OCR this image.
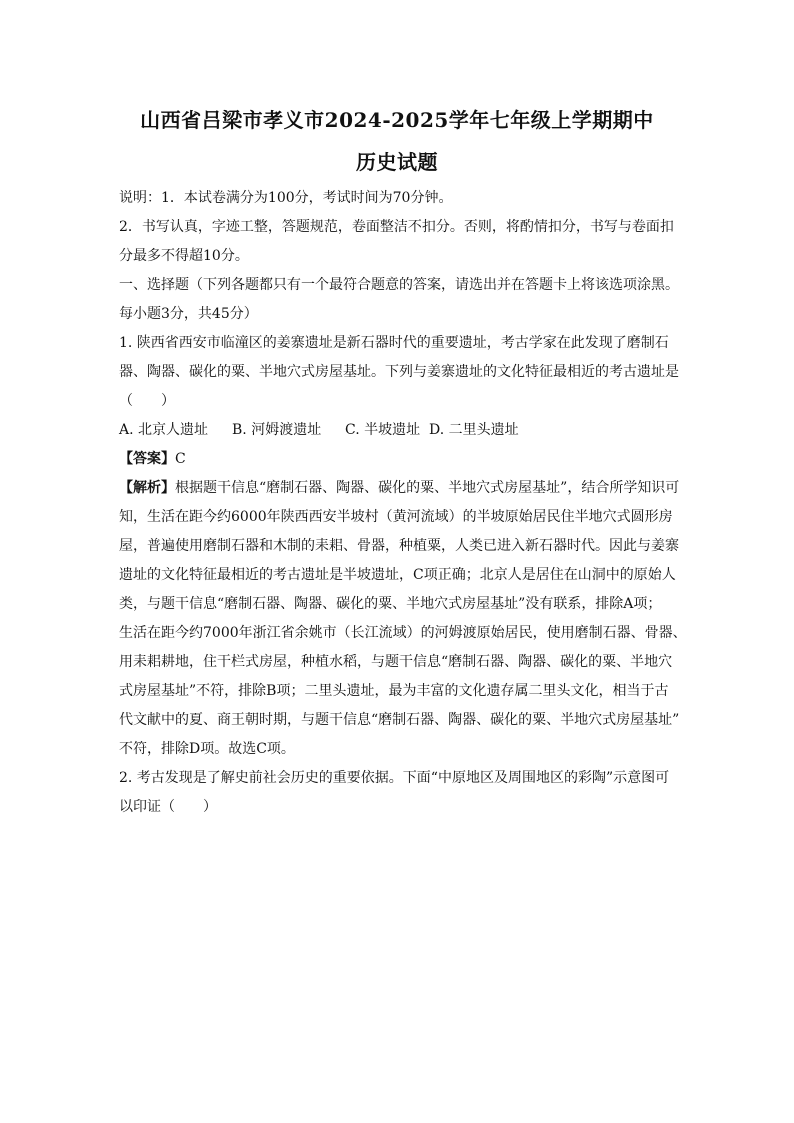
山西省吕梁市孝义市2024-2025学年七年级上学期期中
历史试题
说明：1．本试卷满分为100分，考试时间为70分钟。
2．书写认真，字迹工整，答题规范，卷面整洁不扣分。否则，将酌情扣分，书写与卷面扣
分最多不得超10分。
一、选择题（下列各题都只有一个最符合题意的答案，请选出并在答题卡上将该选项涂黑。
每小题3分，共45分）
1. 陕西省西安市临潼区的姜寨遗址是新石器时代的重要遗址，考古学家在此发现了磨制石
器、陶器、碳化的粟、半地穴式房屋基址。下列与姜寨遗址的文化特征最相近的考古遗址是
（　　）
A. 北京人遗址 B. 河姆渡遗址 C. 半坡遗址 D. 二里头遗址
【答案】C
【解析】根据题干信息“磨制石器、陶器、碳化的粟、半地穴式房屋基址”，结合所学知识可
知，生活在距今约6000年陕西西安半坡村（黄河流域）的半坡原始居民住半地穴式圆形房
屋，普遍使用磨制石器和木制的耒耜、骨器，种植粟，人类已进入新石器时代。因此与姜寨
遗址的文化特征最相近的考古遗址是半坡遗址，C项正确；北京人是居住在山洞中的原始人
类，与题干信息“磨制石器、陶器、碳化的粟、半地穴式房屋基址”没有联系，排除A项；
生活在距今约7000年浙江省余姚市（长江流域）的河姆渡原始居民，使用磨制石器、骨器、
用耒耜耕地，住干栏式房屋，种植水稻，与题干信息“磨制石器、陶器、碳化的粟、半地穴
式房屋基址”不符，排除B项；二里头遗址，最为丰富的文化遗存属二里头文化，相当于古
代文献中的夏、商王朝时期，与题干信息“磨制石器、陶器、碳化的粟、半地穴式房屋基址”
不符，排除D项。故选C项。
2. 考古发现是了解史前社会历史的重要依据。下面“中原地区及周围地区的彩陶”示意图可
以印证（　　）
